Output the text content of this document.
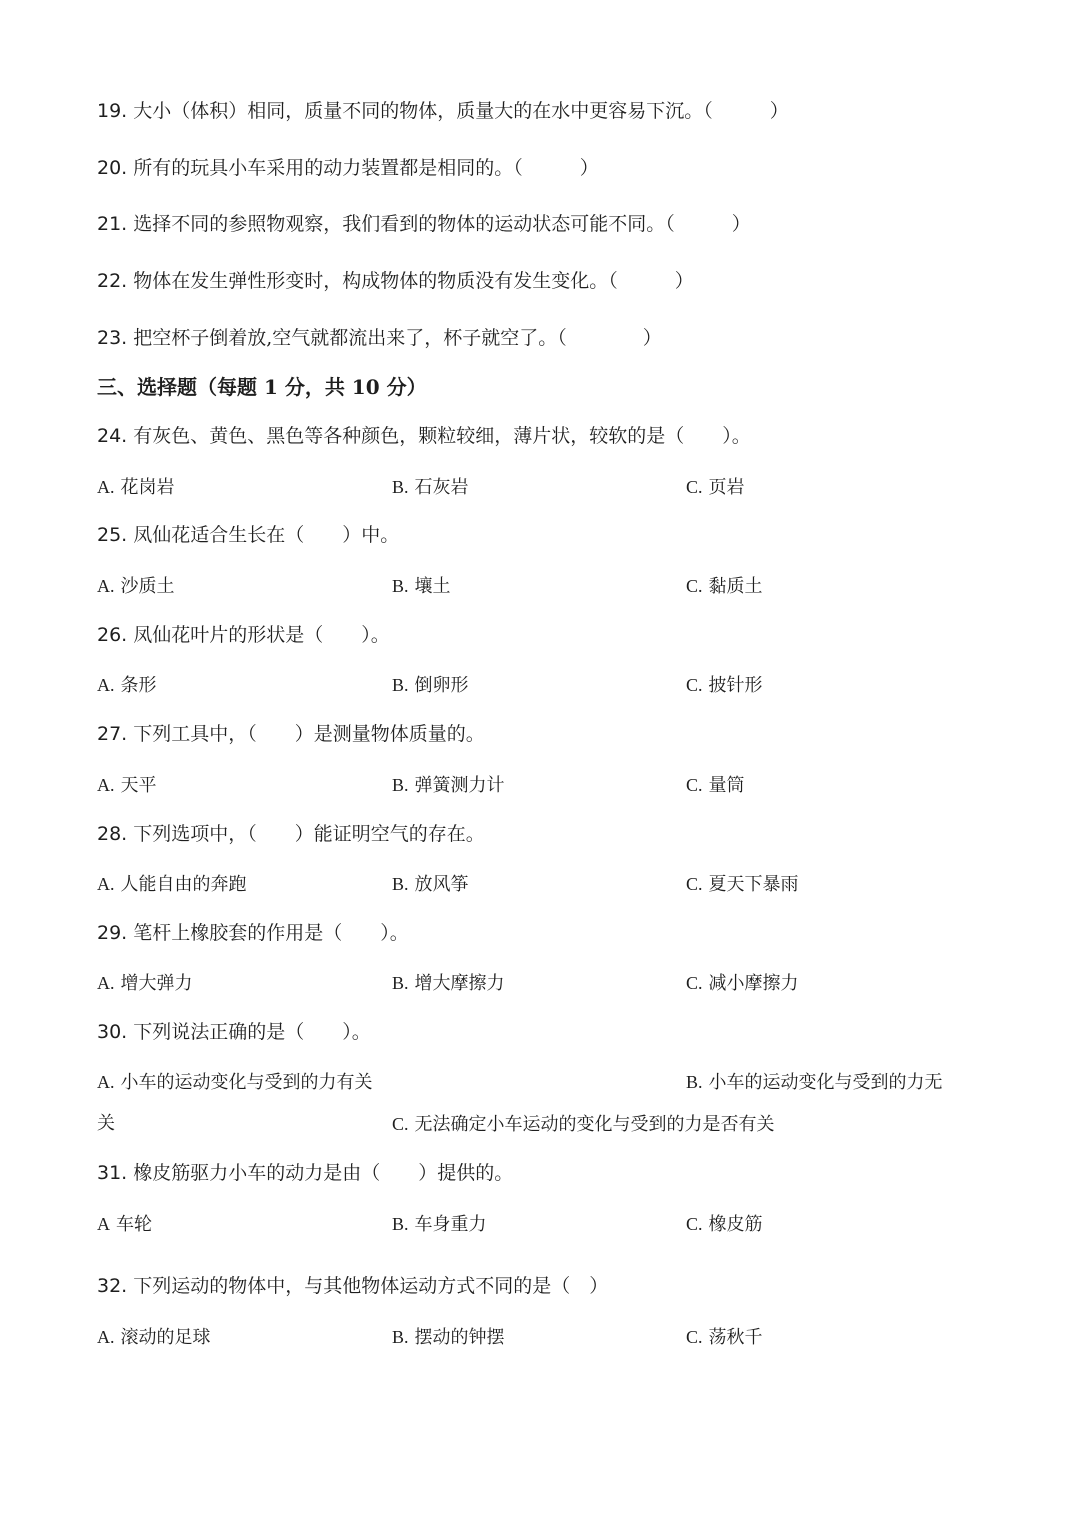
19. 大小（体积）相同，质量不同的物体，质量大的在水中更容易下沉。（　　　）
20. 所有的玩具小车采用的动力装置都是相同的。（　　　）
21. 选择不同的参照物观察，我们看到的物体的运动状态可能不同。（　　　）
22. 物体在发生弹性形变时，构成物体的物质没有发生变化。（　　　）
23. 把空杯子倒着放,空气就都流出来了，杯子就空了。（　　　　）
三、选择题（每题 1 分，共 10 分）
24. 有灰色、黄色、黑色等各种颜色，颗粒较细，薄片状，较软的是（　　）。
A. 花岗岩	B. 石灰岩	C. 页岩
25. 凤仙花适合生长在（　　）中。
A. 沙质土	B. 壤土	C. 黏质土
26. 凤仙花叶片的形状是（　　）。
A. 条形	B. 倒卵形	C. 披针形
27. 下列工具中，（　　）是测量物体质量的。
A. 天平	B. 弹簧测力计	C. 量筒
28. 下列选项中，（　　）能证明空气的存在。
A. 人能自由的奔跑	B. 放风筝	C. 夏天下暴雨
29. 笔杆上橡胶套的作用是（　　）。
A. 增大弹力	B. 增大摩擦力	C. 减小摩擦力
30. 下列说法正确的是（　　）。
A. 小车的运动变化与受到的力有关	B. 小车的运动变化与受到的力无
关	C. 无法确定小车运动的变化与受到的力是否有关
31. 橡皮筋驱力小车的动力是由（　　）提供的。
A 车轮	B. 车身重力	C. 橡皮筋
32. 下列运动的物体中，与其他物体运动方式不同的是（　）
A. 滚动的足球	B. 摆动的钟摆	C. 荡秋千
